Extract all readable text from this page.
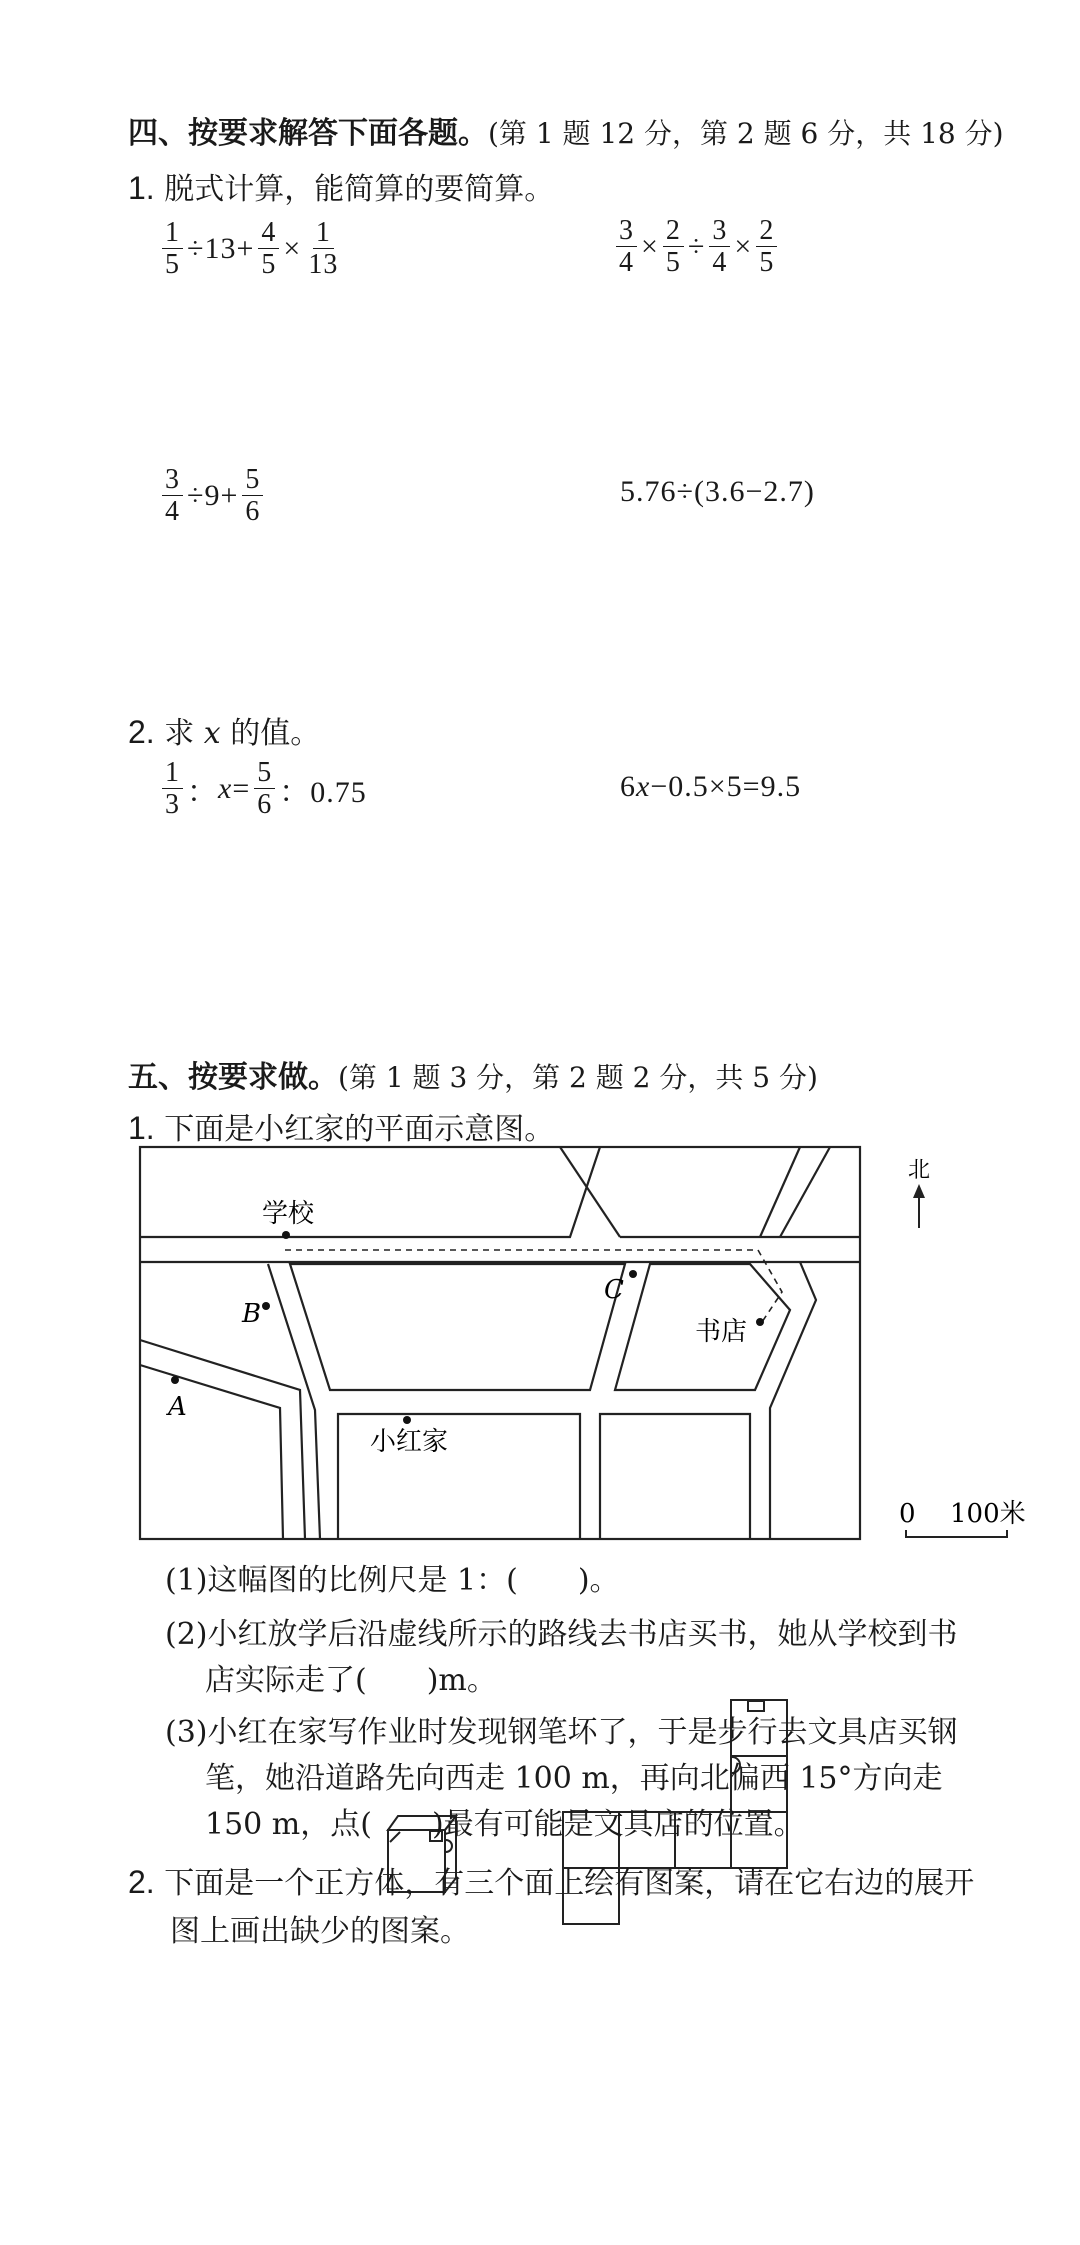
四、按要求解答下面各题。(第 1 题 12 分，第 2 题 6 分，共 18 分)
1. 脱式计算，能简算的要简算。
$\frac{1}{5} \div 13+ \frac{4}{5} \times \frac{1}{13}$	$\frac{3}{4} \times \frac{2}{5} \div \frac{3}{4} \times \frac{2}{5}$
$\frac{3}{4} \div 9+ \frac{5}{6}$	5.76÷(3.6−2.7)
2. 求 x 的值。
$\frac{1}{3}$ ： $x = \frac{5}{6}$ ：0.75	6 x −0.5×5=9.5
五、按要求做。(第 1 题 3 分，第 2 题 2 分，共 5 分)
1. 下面是小红家的平面示意图。
学校
B
A
C
书店
小红家
北
0 100米
(1)这幅图的比例尺是 1：(　　)。
(2)小红放学后沿虚线所示的路线去书店买书，她从学校到书
店实际走了(　　)m。
(3)小红在家写作业时发现钢笔坏了，于是步行去文具店买钢
笔，她沿道路先向西走 100 m，再向北偏西 15°方向走
150 m，点(　　)最有可能是文具店的位置。
2. 下面是一个正方体，有三个面上绘有图案，请在它右边的展开
图上画出缺少的图案。
